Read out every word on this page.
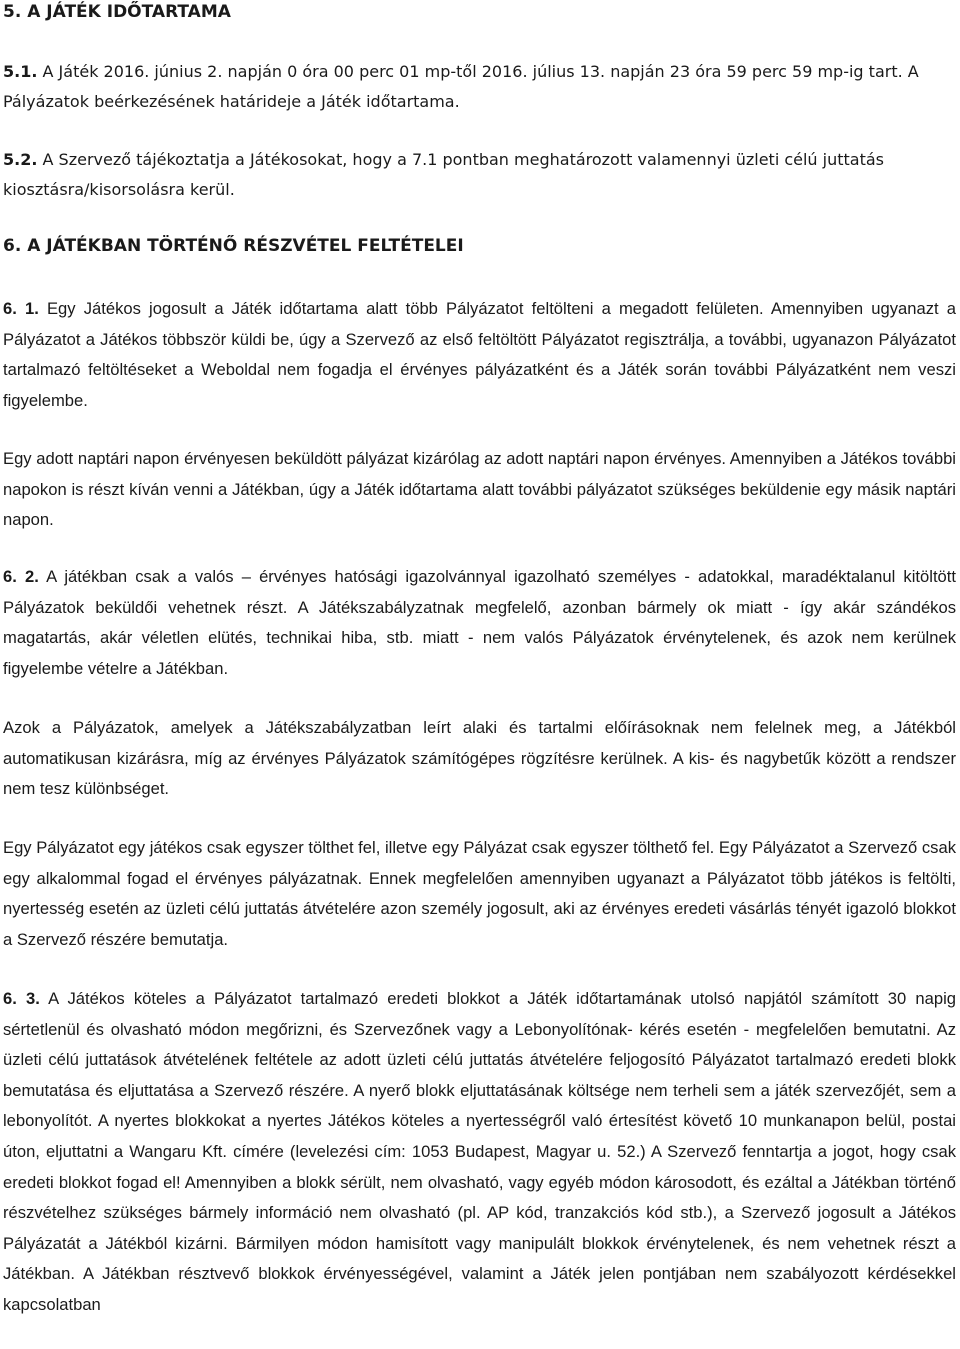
5. A JÁTÉK IDŐTARTAMA
5.1. A Játék 2016. június 2. napján 0 óra 00 perc 01 mp-től 2016. július 13. napján 23 óra 59 perc 59 mp-ig tart. A Pályázatok beérkezésének határideje a Játék időtartama.
5.2. A Szervező tájékoztatja a Játékosokat, hogy a 7.1 pontban meghatározott valamennyi üzleti célú juttatás kiosztásra/kisorsolásra kerül.
6. A JÁTÉKBAN TÖRTÉNŐ RÉSZVÉTEL FELTÉTELEI
6. 1. Egy Játékos jogosult a Játék időtartama alatt több Pályázatot feltölteni a megadott felületen. Amennyiben ugyanazt a Pályázatot a Játékos többször küldi be, úgy a Szervező az első feltöltött Pályázatot regisztrálja, a további, ugyanazon Pályázatot tartalmazó feltöltéseket a Weboldal nem fogadja el érvényes pályázatként és a Játék során további Pályázatként nem veszi figyelembe.
Egy adott naptári napon érvényesen beküldött pályázat kizárólag az adott naptári napon érvényes. Amennyiben a Játékos további napokon is részt kíván venni a Játékban, úgy a Játék időtartama alatt további pályázatot szükséges beküldenie egy másik naptári napon.
6. 2. A játékban csak a valós – érvényes hatósági igazolvánnyal igazolható személyes - adatokkal, maradéktalanul kitöltött Pályázatok beküldői vehetnek részt. A Játékszabályzatnak megfelelő, azonban bármely ok miatt - így akár szándékos magatartás, akár véletlen elütés, technikai hiba, stb. miatt - nem valós Pályázatok érvénytelenek, és azok nem kerülnek figyelembe vételre a Játékban.
Azok a Pályázatok, amelyek a Játékszabályzatban leírt alaki és tartalmi előírásoknak nem felelnek meg, a Játékból automatikusan kizárásra, míg az érvényes Pályázatok számítógépes rögzítésre kerülnek. A kis- és nagybetűk között a rendszer nem tesz különbséget.
Egy Pályázatot egy játékos csak egyszer tölthet fel, illetve egy Pályázat csak egyszer tölthető fel. Egy Pályázatot a Szervező csak egy alkalommal fogad el érvényes pályázatnak. Ennek megfelelően amennyiben ugyanazt a Pályázatot több játékos is feltölti, nyertesség esetén az üzleti célú juttatás átvételére azon személy jogosult, aki az érvényes eredeti vásárlás tényét igazoló blokkot a Szervező részére bemutatja.
6. 3. A Játékos köteles a Pályázatot tartalmazó eredeti blokkot a Játék időtartamának utolsó napjától számított 30 napig sértetlenül és olvasható módon megőrizni, és Szervezőnek vagy a Lebonyolítónak- kérés esetén - megfelelően bemutatni. Az üzleti célú juttatások átvételének feltétele az adott üzleti célú juttatás átvételére feljogosító Pályázatot tartalmazó eredeti blokk bemutatása és eljuttatása a Szervező részére. A nyerő blokk eljuttatásának költsége nem terheli sem a játék szervezőjét, sem a lebonyolítót. A nyertes blokkokat a nyertes Játékos köteles a nyertességről való értesítést követő 10 munkanapon belül, postai úton, eljuttatni a Wangaru Kft. címére (levelezési cím: 1053 Budapest, Magyar u. 52.) A Szervező fenntartja a jogot, hogy csak eredeti blokkot fogad el! Amennyiben a blokk sérült, nem olvasható, vagy egyéb módon károsodott, és ezáltal a Játékban történő részvételhez szükséges bármely információ nem olvasható (pl. AP kód, tranzakciós kód stb.), a Szervező jogosult a Játékos Pályázatát a Játékból kizárni. Bármilyen módon hamisított vagy manipulált blokkok érvénytelenek, és nem vehetnek részt a Játékban. A Játékban résztvevő blokkok érvényességével, valamint a Játék jelen pontjában nem szabályozott kérdésekkel kapcsolatban
